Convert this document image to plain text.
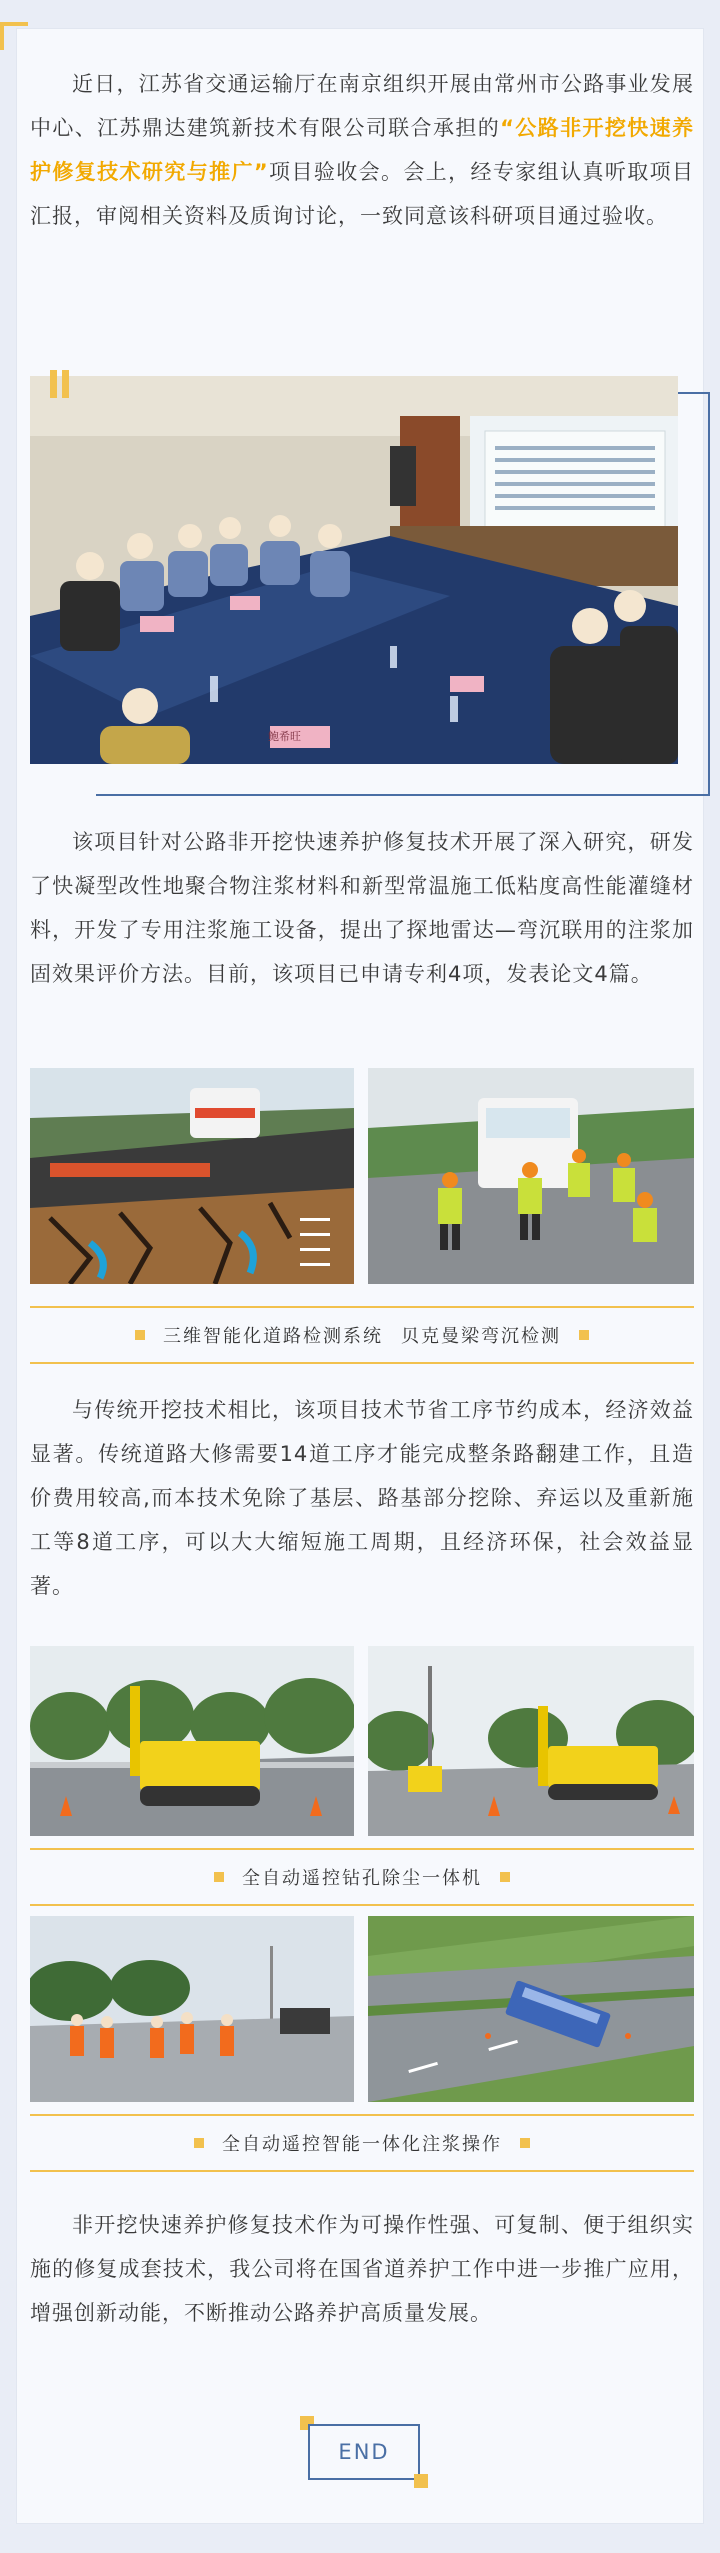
近日，江苏省交通运输厅在南京组织开展由常州市公路事业发展中心、江苏鼎达建筑新技术有限公司联合承担的“公路非开挖快速养护修复技术研究与推广”项目验收会。会上，经专家组认真听取项目汇报，审阅相关资料及质询讨论，一致同意该科研项目通过验收。

鲍希旺

该项目针对公路非开挖快速养护修复技术开展了深入研究，研发了快凝型改性地聚合物注浆材料和新型常温施工低粘度高性能灌缝材料，开发了专用注浆施工设备，提出了探地雷达—弯沉联用的注浆加固效果评价方法。目前，该项目已申请专利4项，发表论文4篇。

三维智能化道路检测系统 贝克曼梁弯沉检测

与传统开挖技术相比，该项目技术节省工序节约成本，经济效益显著。传统道路大修需要14道工序才能完成整条路翻建工作，且造价费用较高,而本技术免除了基层、路基部分挖除、弃运以及重新施工等8道工序，可以大大缩短施工周期，且经济环保，社会效益显著。

全自动遥控钻孔除尘一体机
全自动遥控智能一体化注浆操作

非开挖快速养护修复技术作为可操作性强、可复制、便于组织实施的修复成套技术，我公司将在国省道养护工作中进一步推广应用，增强创新动能，不断推动公路养护高质量发展。

END
